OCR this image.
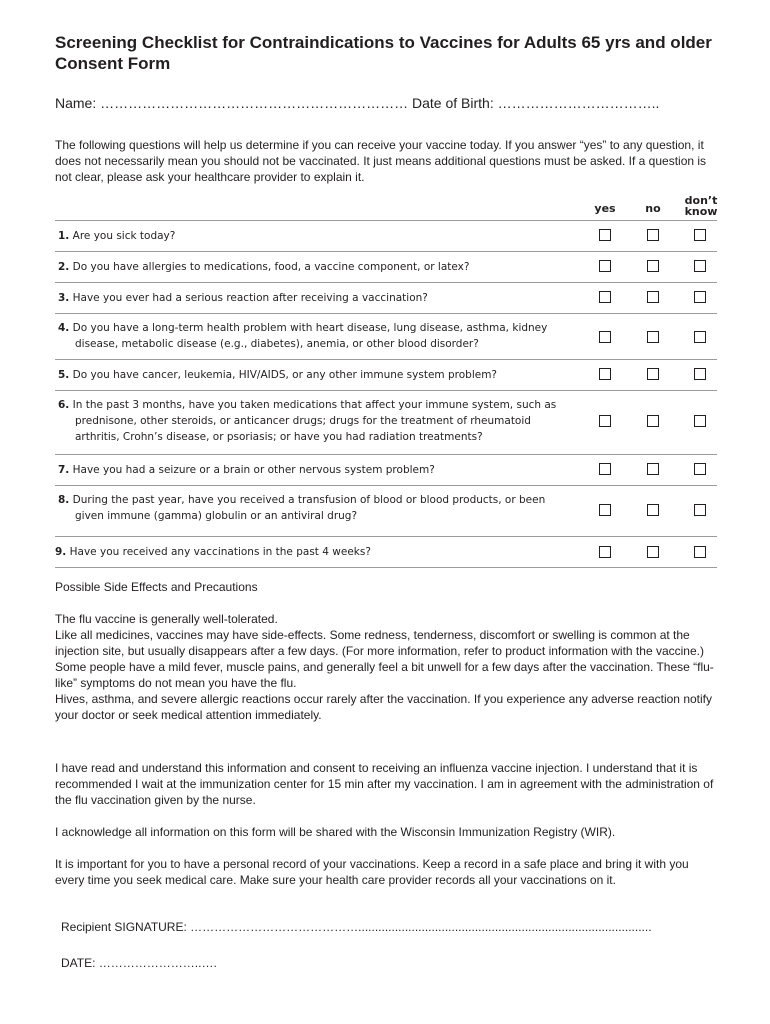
Screening Checklist for Contraindications to Vaccines for Adults 65 yrs and older Consent Form
Name: ………………………………………………………… Date of Birth: ……………………………..
The following questions will help us determine if you can receive your vaccine today. If you answer “yes” to any question, it does not necessarily mean you should not be vaccinated. It just means additional questions must be asked. If a question is not clear, please ask your healthcare provider to explain it.
yes	no
don’t know
1. Are you sick today?
2. Do you have allergies to medications, food, a vaccine component, or latex?
3. Have you ever had a serious reaction after receiving a vaccination?
4. Do you have a long-term health problem with heart disease, lung disease, asthma, kidney disease, metabolic disease (e.g., diabetes), anemia, or other blood disorder?
5. Do you have cancer, leukemia, HIV/AIDS, or any other immune system problem?
6. In the past 3 months, have you taken medications that affect your immune system, such as prednisone, other steroids, or anticancer drugs; drugs for the treatment of rheumatoid arthritis, Crohn’s disease, or psoriasis; or have you had radiation treatments?
7. Have you had a seizure or a brain or other nervous system problem?
8. During the past year, have you received a transfusion of blood or blood products, or been given immune (gamma) globulin or an antiviral drug?
9. Have you received any vaccinations in the past 4 weeks?
Possible Side Effects and Precautions

The flu vaccine is generally well-tolerated.

Like all medicines, vaccines may have side-effects. Some redness, tenderness, discomfort or swelling is common at the injection site, but usually disappears after a few days. (For more information, refer to product information with the vaccine.)

Some people have a mild fever, muscle pains, and generally feel a bit unwell for a few days after the vaccination. These “flu-like” symptoms do not mean you have the flu.

Hives, asthma, and severe allergic reactions occur rarely after the vaccination. If you experience any adverse reaction notify your doctor or seek medical attention immediately.

I have read and understand this information and consent to receiving an influenza vaccine injection. I understand that it is recommended I wait at the immunization center for 15 min after my vaccination. I am in agreement with the administration of the flu vaccination given by the nurse.
I acknowledge all information on this form will be shared with the Wisconsin Immunization Registry (WIR).
It is important for you to have a personal record of your vaccinations. Keep a record in a safe place and bring it with you every time you seek medical care. Make sure your health care provider records all your vaccinations on it.
Recipient SIGNATURE: ……………………………………........................................................................................
DATE: ……………………..….
